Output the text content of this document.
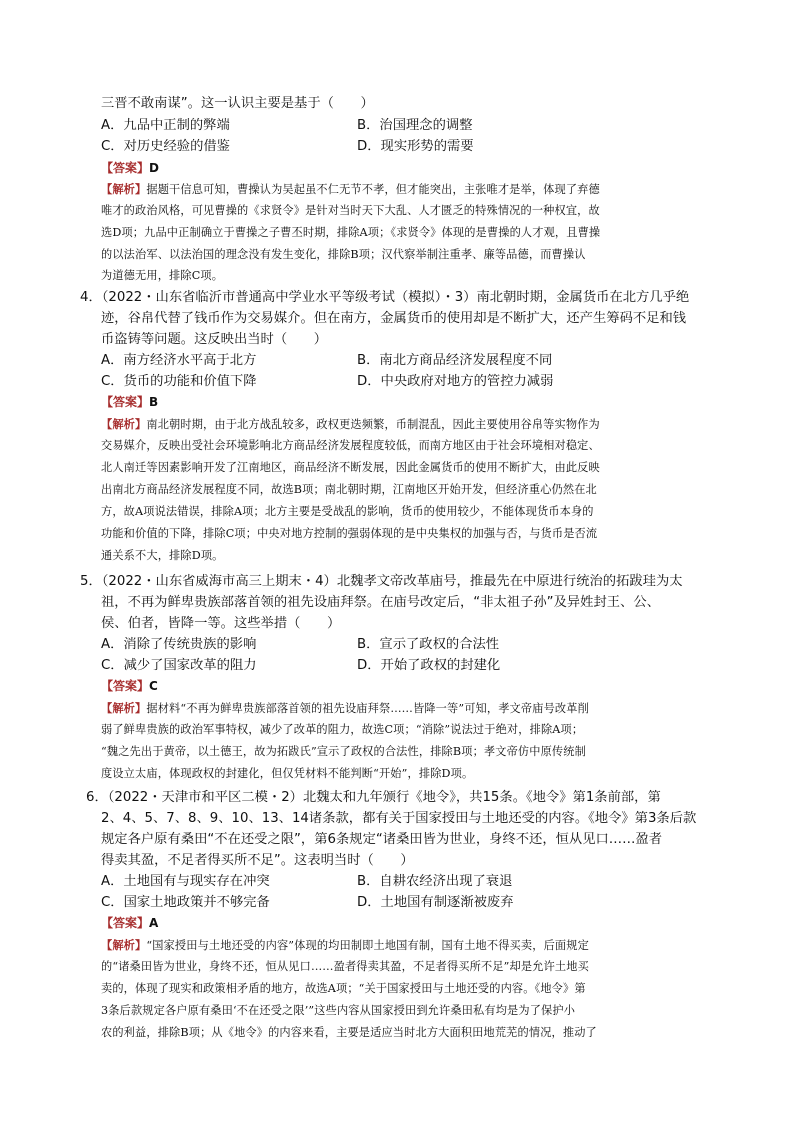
三晋不敢南谋”。这一认识主要是基于（　　）
A．九品中正制的弊端	B．治国理念的调整
C．对历史经验的借鉴	D．现实形势的需要
【答案】D
【解析】据题干信息可知，曹操认为吴起虽不仁无节不孝，但才能突出，主张唯才是举，体现了弃德
唯才的政治风格，可见曹操的《求贤令》是针对当时天下大乱、人才匮乏的特殊情况的一种权宜，故
选D项；九品中正制确立于曹操之子曹丕时期，排除A项；《求贤令》体现的是曹操的人才观，且曹操
的以法治军、以法治国的理念没有发生变化，排除B项；汉代察举制注重孝、廉等品德，而曹操认
为道德无用，排除C项。
4．（2022・山东省临沂市普通高中学业水平等级考试（模拟）・3）南北朝时期，金属货币在北方几乎绝
迹，谷帛代替了钱币作为交易媒介。但在南方，金属货币的使用却是不断扩大，还产生筹码不足和钱
币盗铸等问题。这反映出当时（　　）
A．南方经济水平高于北方	B．南北方商品经济发展程度不同
C．货币的功能和价值下降	D．中央政府对地方的管控力减弱
【答案】B
【解析】南北朝时期，由于北方战乱较多，政权更迭频繁，币制混乱，因此主要使用谷帛等实物作为
交易媒介，反映出受社会环境影响北方商品经济发展程度较低，而南方地区由于社会环境相对稳定、
北人南迁等因素影响开发了江南地区，商品经济不断发展，因此金属货币的使用不断扩大，由此反映
出南北方商品经济发展程度不同，故选B项；南北朝时期，江南地区开始开发，但经济重心仍然在北
方，故A项说法错误，排除A项；北方主要是受战乱的影响，货币的使用较少，不能体现货币本身的
功能和价值的下降，排除C项；中央对地方控制的强弱体现的是中央集权的加强与否，与货币是否流
通关系不大，排除D项。
5．（2022・山东省威海市高三上期末・4）北魏孝文帝改革庙号，推最先在中原进行统治的拓跋珪为太
祖，不再为鲜卑贵族部落首领的祖先设庙拜祭。在庙号改定后，“非太祖子孙”及异姓封王、公、
侯、伯者，皆降一等。这些举措（　　）
A．消除了传统贵族的影响	B．宣示了政权的合法性
C．减少了国家改革的阻力	D．开始了政权的封建化
【答案】C
【解析】据材料“不再为鲜卑贵族部落首领的祖先设庙拜祭……皆降一等”可知，孝文帝庙号改革削
弱了鲜卑贵族的政治军事特权，减少了改革的阻力，故选C项；“消除”说法过于绝对，排除A项；
“魏之先出于黄帝，以土德王，故为拓跋氏”宣示了政权的合法性，排除B项；孝文帝仿中原传统制
度设立太庙，体现政权的封建化，但仅凭材料不能判断“开始”，排除D项。
6．（2022・天津市和平区二模・2）北魏太和九年颁行《地令》，共15条。《地令》第1条前部，第
2、4、5、7、8、9、10、13、14诸条款，都有关于国家授田与土地还受的内容。《地令》第3条后款
规定各户原有桑田“不在还受之限”，第6条规定“诸桑田皆为世业，身终不还，恒从见口……盈者
得卖其盈，不足者得买所不足”。这表明当时（　　）
A．土地国有与现实存在冲突	B．自耕农经济出现了衰退
C．国家土地政策并不够完备	D．土地国有制逐渐被废弃
【答案】A
【解析】“国家授田与土地还受的内容”体现的均田制即土地国有制，国有土地不得买卖，后面规定
的“诸桑田皆为世业，身终不还，恒从见口……盈者得卖其盈，不足者得买所不足”却是允许土地买
卖的，体现了现实和政策相矛盾的地方，故选A项；“关于国家授田与土地还受的内容。《地令》第
3条后款规定各户原有桑田‘不在还受之限’”这些内容从国家授田到允许桑田私有均是为了保护小
农的利益，排除B项；从《地令》的内容来看，主要是适应当时北方大面积田地荒芜的情况，推动了
